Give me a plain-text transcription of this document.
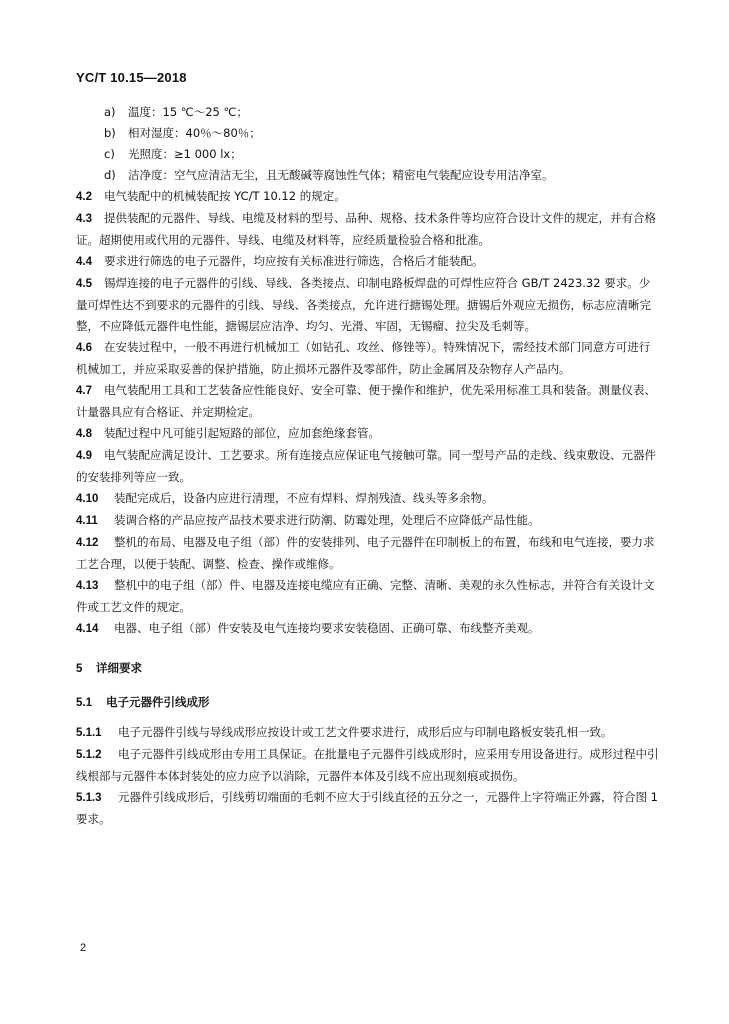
YC/T 10.15—2018

a) 温度：15 ℃～25 ℃；

b) 相对湿度：40％～80％；

c) 光照度：≥1 000 lx；

d) 洁净度：空气应清洁无尘，且无酸碱等腐蚀性气体；精密电气装配应设专用洁净室。

4.2 电气装配中的机械装配按 YC/T 10.12 的规定。

4.3 提供装配的元器件、导线、电缆及材料的型号、品种、规格、技术条件等均应符合设计文件的规定，并有合格证。超期使用或代用的元器件、导线、电缆及材料等，应经质量检验合格和批准。

4.4 要求进行筛选的电子元器件，均应按有关标准进行筛选，合格后才能装配。

4.5 锡焊连接的电子元器件的引线、导线、各类接点、印制电路板焊盘的可焊性应符合 GB/T 2423.32 要求。少量可焊性达不到要求的元器件的引线、导线、各类接点，允许进行搪锡处理。搪锡后外观应无损伤，标志应清晰完整，不应降低元器件电性能，搪锡层应洁净、均匀、光滑、牢固，无锡瘤、拉尖及毛刺等。

4.6 在安装过程中，一般不再进行机械加工（如钻孔、攻丝、修锉等）。特殊情况下，需经技术部门同意方可进行机械加工，并应采取妥善的保护措施，防止损坏元器件及零部件，防止金属屑及杂物存人产品内。

4.7 电气装配用工具和工艺装备应性能良好、安全可靠、便于操作和维护，优先采用标准工具和装备。测量仪表、计量器具应有合格证、并定期检定。

4.8 装配过程中凡可能引起短路的部位，应加套绝缘套管。

4.9 电气装配应满足设计、工艺要求。所有连接点应保证电气接触可靠。同一型号产品的走线、线束敷设、元器件的安装排列等应一致。

4.10 装配完成后，设备内应进行清理，不应有焊料、焊剂残渣、线头等多余物。

4.11 装调合格的产品应按产品技术要求进行防潮、防霉处理，处理后不应降低产品性能。

4.12 整机的布局、电器及电子组（部）件的安装排列、电子元器件在印制板上的布置，布线和电气连接，要力求工艺合理，以便于装配、调整、检查、操作或维修。

4.13 整机中的电子组（部）件、电器及连接电缆应有正确、完整、清晰、美观的永久性标志，并符合有关设计文件或工艺文件的规定。

4.14 电器、电子组（部）件安装及电气连接均要求安装稳固、正确可靠、布线整齐美观。

5 详细要求

5.1 电子元器件引线成形

5.1.1 电子元器件引线与导线成形应按设计或工艺文件要求进行，成形后应与印制电路板安装孔相一致。

5.1.2 电子元器件引线成形由专用工具保证。在批量电子元器件引线成形时，应采用专用设备进行。成形过程中引线根部与元器件本体封装处的应力应予以消除，元器件本体及引线不应出现刻痕或损伤。

5.1.3 元器件引线成形后，引线剪切端面的毛刺不应大于引线直径的五分之一，元器件上字符端正外露，符合图 1 要求。

2
